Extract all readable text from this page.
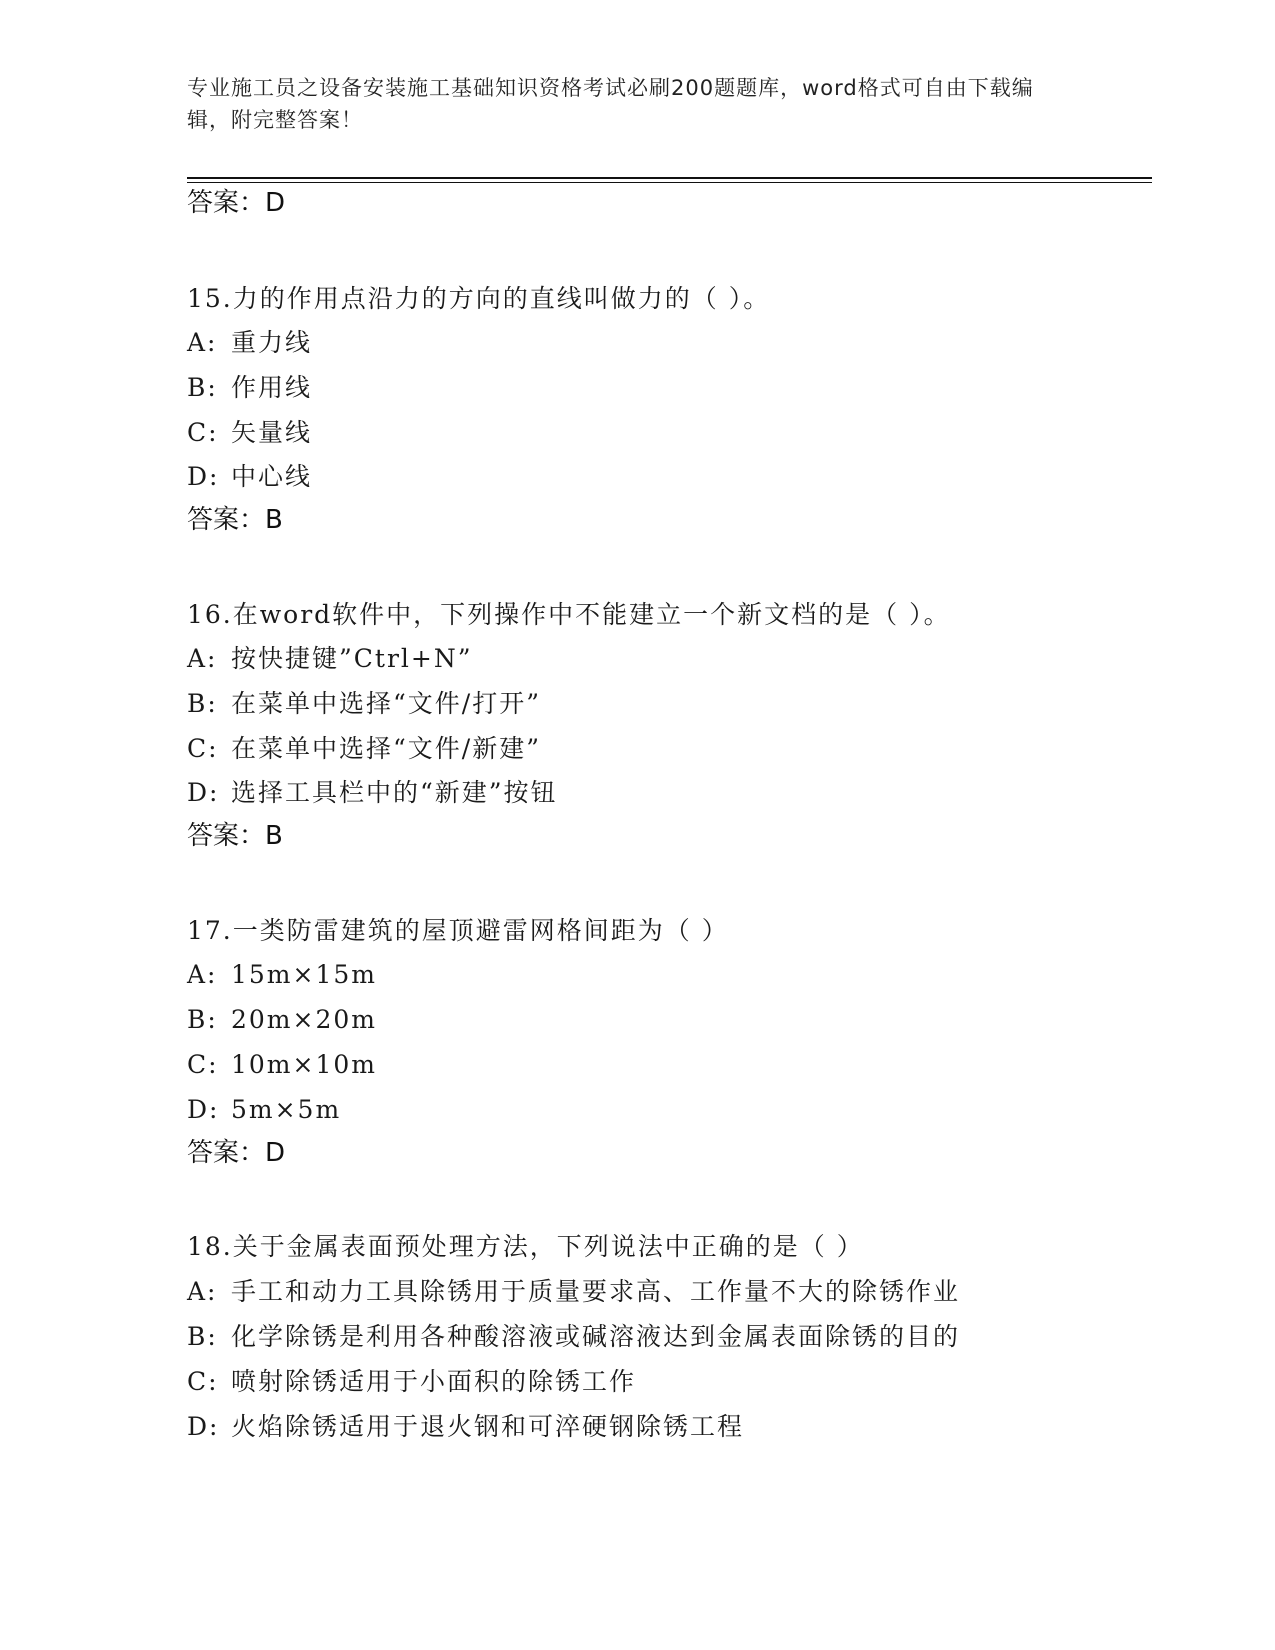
专业施工员之设备安装施工基础知识资格考试必刷200题题库，word格式可自由下载编辑，附完整答案！
答案：D
15.力的作用点沿力的方向的直线叫做力的（ ）。
A: 重力线
B: 作用线
C: 矢量线
D: 中心线
答案：B
16.在word软件中，下列操作中不能建立一个新文档的是（ ）。
A: 按快捷键”Ctrl+N”
B: 在菜单中选择“文件/打开”
C: 在菜单中选择“文件/新建”
D: 选择工具栏中的“新建”按钮
答案：B
17.一类防雷建筑的屋顶避雷网格间距为（ ）
A: 15m×15m
B: 20m×20m
C: 10m×10m
D: 5m×5m
答案：D
18.关于金属表面预处理方法，下列说法中正确的是（ ）
A: 手工和动力工具除锈用于质量要求高、工作量不大的除锈作业
B: 化学除锈是利用各种酸溶液或碱溶液达到金属表面除锈的目的
C: 喷射除锈适用于小面积的除锈工作
D: 火焰除锈适用于退火钢和可淬硬钢除锈工程
